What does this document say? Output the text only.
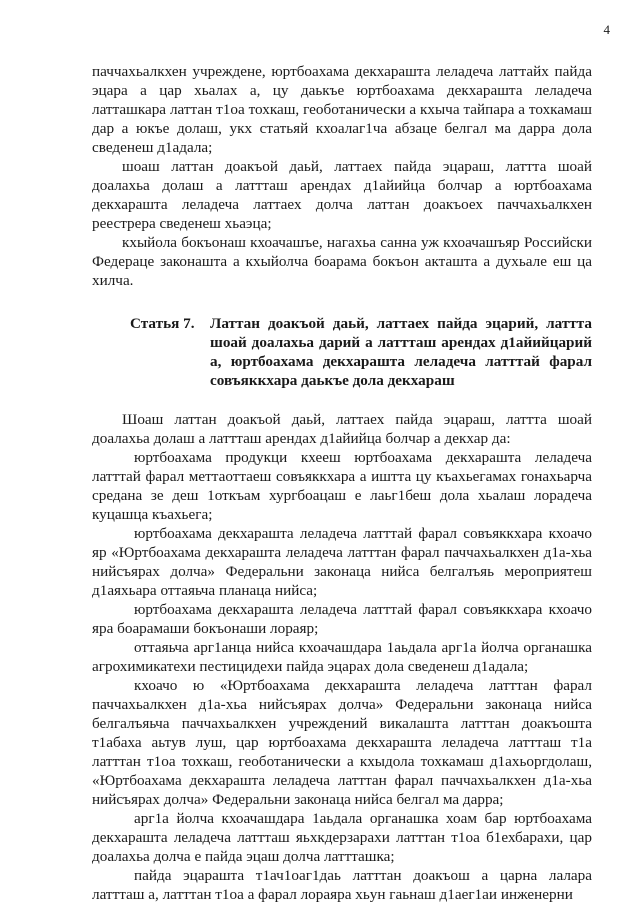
4

паччахьалкхен учреждене, юртбоахама декхарашта леладеча латтайх пайда эцара а цар хьалах а, цу даькъе юртбоахама декхарашта леладеча латташкара латтан т1оа тохкаш, геоботанически а кхыча тайпара а тохкамаш дар а юкъе долаш, укх статьяй кхоалаг1ча абзаце белгал ма дарра дола сведенеш д1адала;

шоаш латтан доакъой даьй, латтаех пайда эцараш, латтта шоай доалахьа долаш а латтташ арендах д1айийца болчар а юртбоахама декхарашта леладеча латтаех долча латтан доакъоех паччахьалкхен реестрера сведенеш хьаэца;

кхыйола бокъонаш кхоачашъе, нагахьа санна уж кхоачашъяр Российски Федераце законашта а кхыйолча боарама бокъон акташта а духьале еш ца хилча.

Статья 7.	Латтан доакъой даьй, латтаех пайда эцарий, латтта шоай доалахьа дарий а латтташ арендах д1айийцарий а, юртбоахама декхарашта леладеча латттай фарал совъяккхара даькъе дола декхараш

Шоаш латтан доакъой даьй, латтаех пайда эцараш, латтта шоай доалахьа долаш а латтташ арендах д1айийца болчар а декхар да:

юртбоахама продукци кхееш юртбоахама декхарашта леладеча латттай фарал меттаоттаеш совъяккхара а иштта цу къахьегамах гонахьарча средана зе деш 1откъам хургбоацаш е лаьг1беш дола хьалаш лорадеча куцашца къахьега;

юртбоахама декхарашта леладеча латттай фарал совъяккхара кхоачо яр «Юртбоахама декхарашта леладеча латттан фарал паччахьалкхен д1а-хьа нийсъярах долча» Федеральни законаца нийса белгалъяь мероприятеш д1аяхьара оттаяьча планаца нийса;

юртбоахама декхарашта леладеча латттай фарал совъяккхара кхоачо яра боарамаши бокъонаши лораяр;

оттаяьча арг1анца нийса кхоачашдара 1аьдала арг1а йолча органашка агрохимикатехи пестицидехи пайда эцарах дола сведенеш д1адала;

кхоачо ю «Юртбоахама декхарашта леладеча латттан фарал паччахьалкхен д1а-хьа нийсъярах долча» Федеральни законаца нийса белгалъяьча паччахьалкхен учреждений викалашта латттан доакъошта т1абаха аьтув луш, цар юртбоахама декхарашта леладеча латтташ т1а латттан т1оа тохкаш, геоботанически а кхыдола тохкамаш д1ахьоргдолаш, «Юртбоахама декхарашта леладеча латттан фарал паччахьалкхен д1а-хьа нийсъярах долча» Федеральни законаца нийса белгал ма дарра;

арг1а йолча кхоачашдара 1аьдала органашка хоам бар юртбоахама декхарашта леладеча латтташ яьхкдерзарахи латттан т1оа б1ехбарахи, цар доалахьа долча е пайда эцаш долча латтташка;

пайда эцарашта т1ач1оаг1даь латттан доакъош а царна лалара латтташ а, латттан т1оа а фарал лораяра хьун гаьнаш д1аег1аи инженерни
